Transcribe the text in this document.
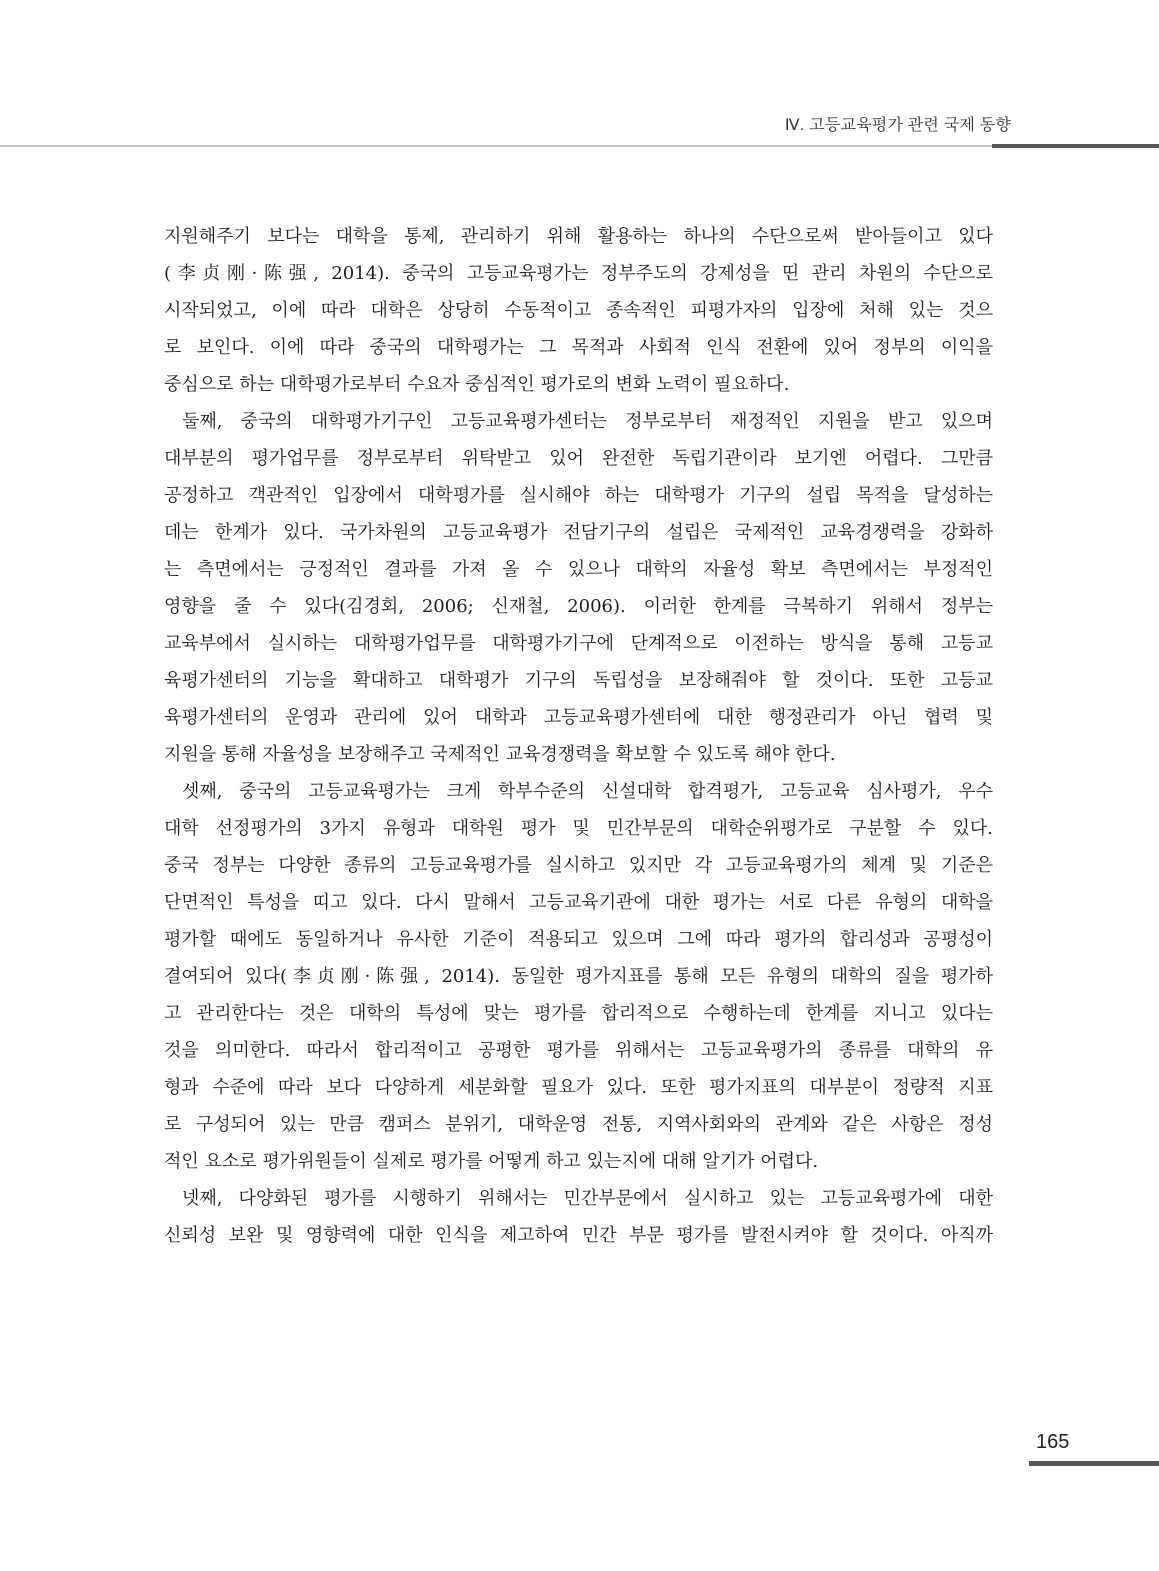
Ⅳ. 고등교육평가 관련 국제 동향
지원해주기 보다는 대학을 통제, 관리하기 위해 활용하는 하나의 수단으로써 받아들이고 있다
(李贞刚·陈强, 2014). 중국의 고등교육평가는 정부주도의 강제성을 띤 관리 차원의 수단으로
시작되었고, 이에 따라 대학은 상당히 수동적이고 종속적인 피평가자의 입장에 처해 있는 것으
로 보인다. 이에 따라 중국의 대학평가는 그 목적과 사회적 인식 전환에 있어 정부의 이익을
중심으로 하는 대학평가로부터 수요자 중심적인 평가로의 변화 노력이 필요하다.
둘째, 중국의 대학평가기구인 고등교육평가센터는 정부로부터 재정적인 지원을 받고 있으며
대부분의 평가업무를 정부로부터 위탁받고 있어 완전한 독립기관이라 보기엔 어렵다. 그만큼
공정하고 객관적인 입장에서 대학평가를 실시해야 하는 대학평가 기구의 설립 목적을 달성하는
데는 한계가 있다. 국가차원의 고등교육평가 전담기구의 설립은 국제적인 교육경쟁력을 강화하
는 측면에서는 긍정적인 결과를 가져 올 수 있으나 대학의 자율성 확보 측면에서는 부정적인
영향을 줄 수 있다(김경회, 2006; 신재철, 2006). 이러한 한계를 극복하기 위해서 정부는
교육부에서 실시하는 대학평가업무를 대학평가기구에 단계적으로 이전하는 방식을 통해 고등교
육평가센터의 기능을 확대하고 대학평가 기구의 독립성을 보장해줘야 할 것이다. 또한 고등교
육평가센터의 운영과 관리에 있어 대학과 고등교육평가센터에 대한 행정관리가 아닌 협력 및
지원을 통해 자율성을 보장해주고 국제적인 교육경쟁력을 확보할 수 있도록 해야 한다.
셋째, 중국의 고등교육평가는 크게 학부수준의 신설대학 합격평가, 고등교육 심사평가, 우수
대학 선정평가의 3가지 유형과 대학원 평가 및 민간부문의 대학순위평가로 구분할 수 있다.
중국 정부는 다양한 종류의 고등교육평가를 실시하고 있지만 각 고등교육평가의 체계 및 기준은
단면적인 특성을 띠고 있다. 다시 말해서 고등교육기관에 대한 평가는 서로 다른 유형의 대학을
평가할 때에도 동일하거나 유사한 기준이 적용되고 있으며 그에 따라 평가의 합리성과 공평성이
결여되어 있다(李贞刚·陈强, 2014). 동일한 평가지표를 통해 모든 유형의 대학의 질을 평가하
고 관리한다는 것은 대학의 특성에 맞는 평가를 합리적으로 수행하는데 한계를 지니고 있다는
것을 의미한다. 따라서 합리적이고 공평한 평가를 위해서는 고등교육평가의 종류를 대학의 유
형과 수준에 따라 보다 다양하게 세분화할 필요가 있다. 또한 평가지표의 대부분이 정량적 지표
로 구성되어 있는 만큼 캠퍼스 분위기, 대학운영 전통, 지역사회와의 관계와 같은 사항은 정성
적인 요소로 평가위원들이 실제로 평가를 어떻게 하고 있는지에 대해 알기가 어렵다.
넷째, 다양화된 평가를 시행하기 위해서는 민간부문에서 실시하고 있는 고등교육평가에 대한
신뢰성 보완 및 영향력에 대한 인식을 제고하여 민간 부문 평가를 발전시켜야 할 것이다. 아직까
165
